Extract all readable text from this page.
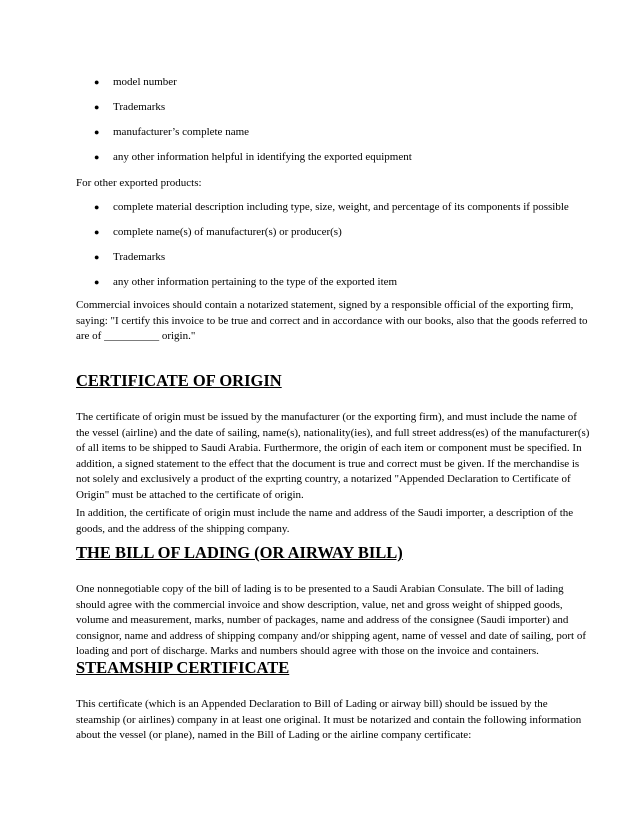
● model number
● Trademarks
● manufacturer’s complete name
● any other information helpful in identifying the exported equipment

For other exported products:

● complete material description including type, size, weight, and percentage of its components if possible
● complete name(s) of manufacturer(s) or producer(s)
● Trademarks
● any other information pertaining to the type of the exported item

Commercial invoices should contain a notarized statement, signed by a responsible official of the exporting firm,
saying: "I certify this invoice to be true and correct and in accordance with our books, also that the goods referred to
are of __________ origin."

CERTIFICATE OF ORIGIN

The certificate of origin must be issued by the manufacturer (or the exporting firm), and must include the name of
the vessel (airline) and the date of sailing, name(s), nationality(ies), and full street address(es) of the manufacturer(s)
of all items to be shipped to Saudi Arabia. Furthermore, the origin of each item or component must be specified. In
addition, a signed statement to the effect that the document is true and correct must be given. If the merchandise is
not solely and exclusively a product of the exprting country, a notarized "Appended Declaration to Certificate of
Origin" must be attached to the certificate of origin.

In addition, the certificate of origin must include the name and address of the Saudi importer, a description of the
goods, and the address of the shipping company.

THE BILL OF LADING (OR AIRWAY BILL)

One nonnegotiable copy of the bill of lading is to be presented to a Saudi Arabian Consulate. The bill of lading
should agree with the commercial invoice and show description, value, net and gross weight of shipped goods,
volume and measurement, marks, number of packages, name and address of the consignee (Saudi importer) and
consignor, name and address of shipping company and/or shipping agent, name of vessel and date of sailing, port of
loading and port of discharge. Marks and numbers should agree with those on the invoice and containers.

STEAMSHIP CERTIFICATE

This certificate (which is an Appended Declaration to Bill of Lading or airway bill) should be issued by the
steamship (or airlines) company in at least one original. It must be notarized and contain the following information
about the vessel (or plane), named in the Bill of Lading or the airline company certificate:
